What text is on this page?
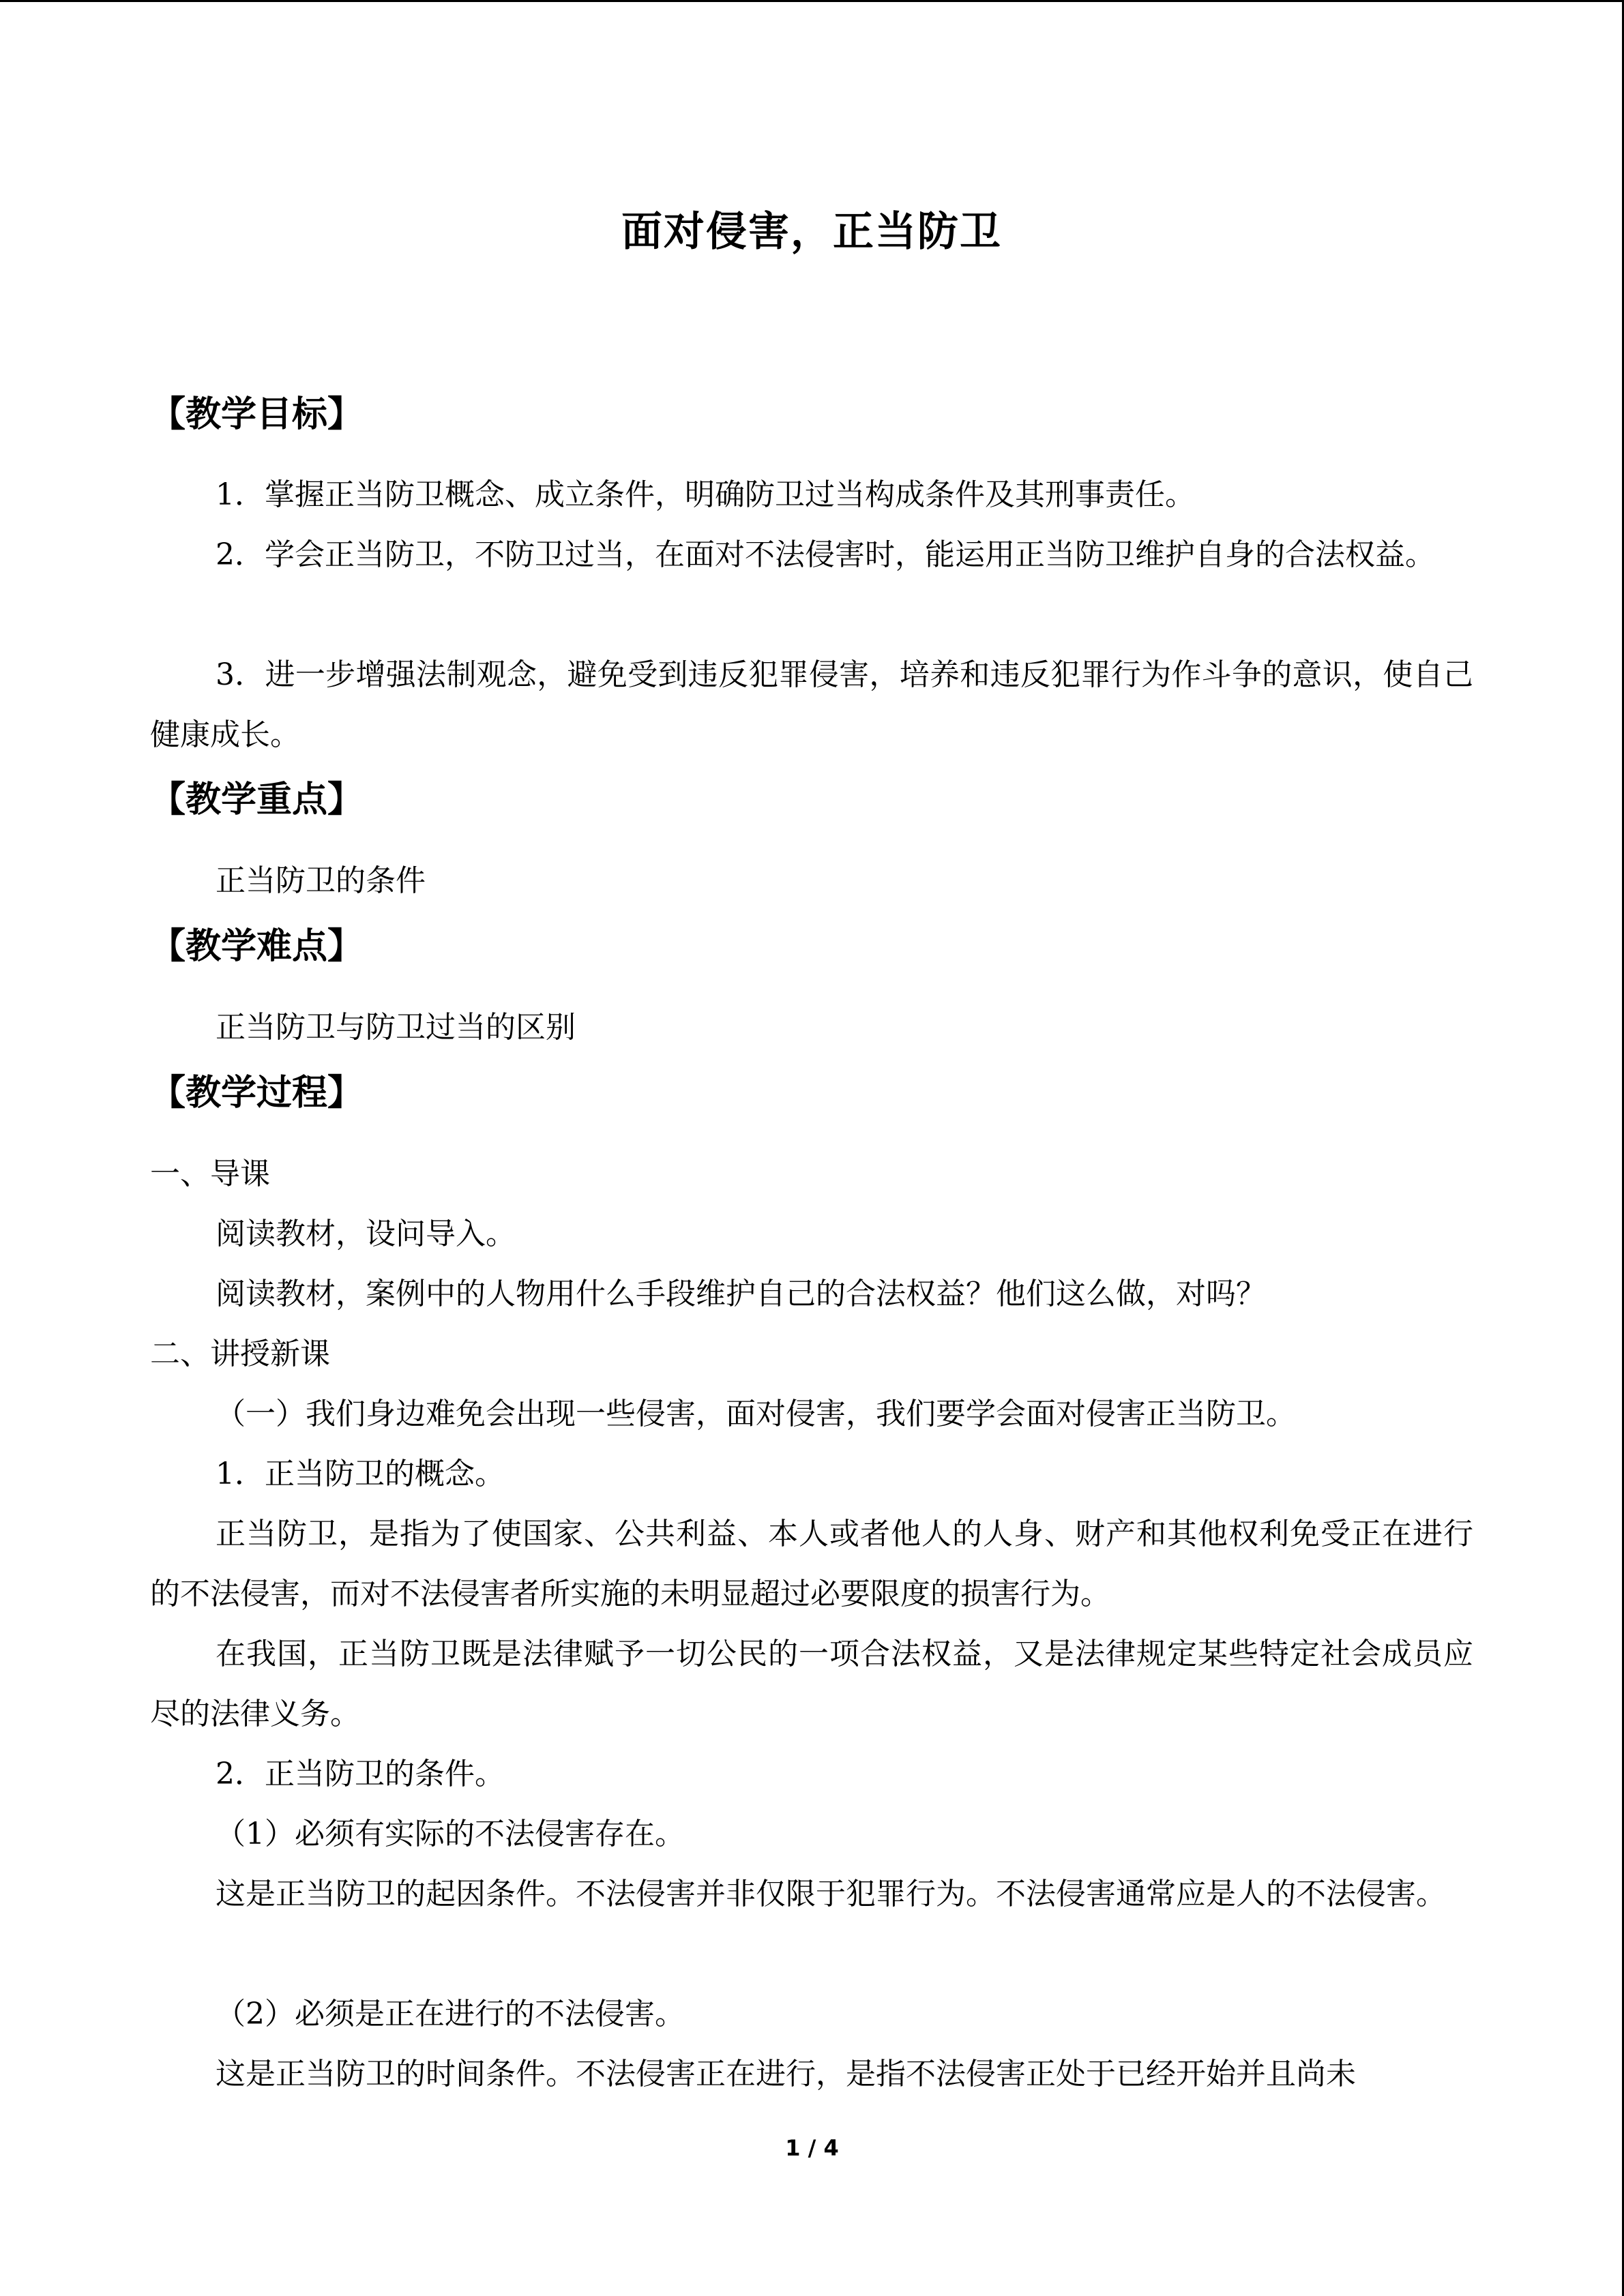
面对侵害，正当防卫
【教学目标】
1．掌握正当防卫概念、成立条件，明确防卫过当构成条件及其刑事责任。
2．学会正当防卫，不防卫过当，在面对不法侵害时，能运用正当防卫维护自身的合法权益。
3．进一步增强法制观念，避免受到违反犯罪侵害，培养和违反犯罪行为作斗争的意识，使自己健康成长。
【教学重点】
正当防卫的条件
【教学难点】
正当防卫与防卫过当的区别
【教学过程】
一、导课
阅读教材，设问导入。
阅读教材，案例中的人物用什么手段维护自己的合法权益？他们这么做，对吗？
二、讲授新课
（一）我们身边难免会出现一些侵害，面对侵害，我们要学会面对侵害正当防卫。
1．正当防卫的概念。
正当防卫，是指为了使国家、公共利益、本人或者他人的人身、财产和其他权利免受正在进行的不法侵害，而对不法侵害者所实施的未明显超过必要限度的损害行为。
在我国，正当防卫既是法律赋予一切公民的一项合法权益，又是法律规定某些特定社会成员应尽的法律义务。
2．正当防卫的条件。
（1）必须有实际的不法侵害存在。
这是正当防卫的起因条件。不法侵害并非仅限于犯罪行为。不法侵害通常应是人的不法侵害。
（2）必须是正在进行的不法侵害。
这是正当防卫的时间条件。不法侵害正在进行，是指不法侵害正处于已经开始并且尚未
1 / 4
